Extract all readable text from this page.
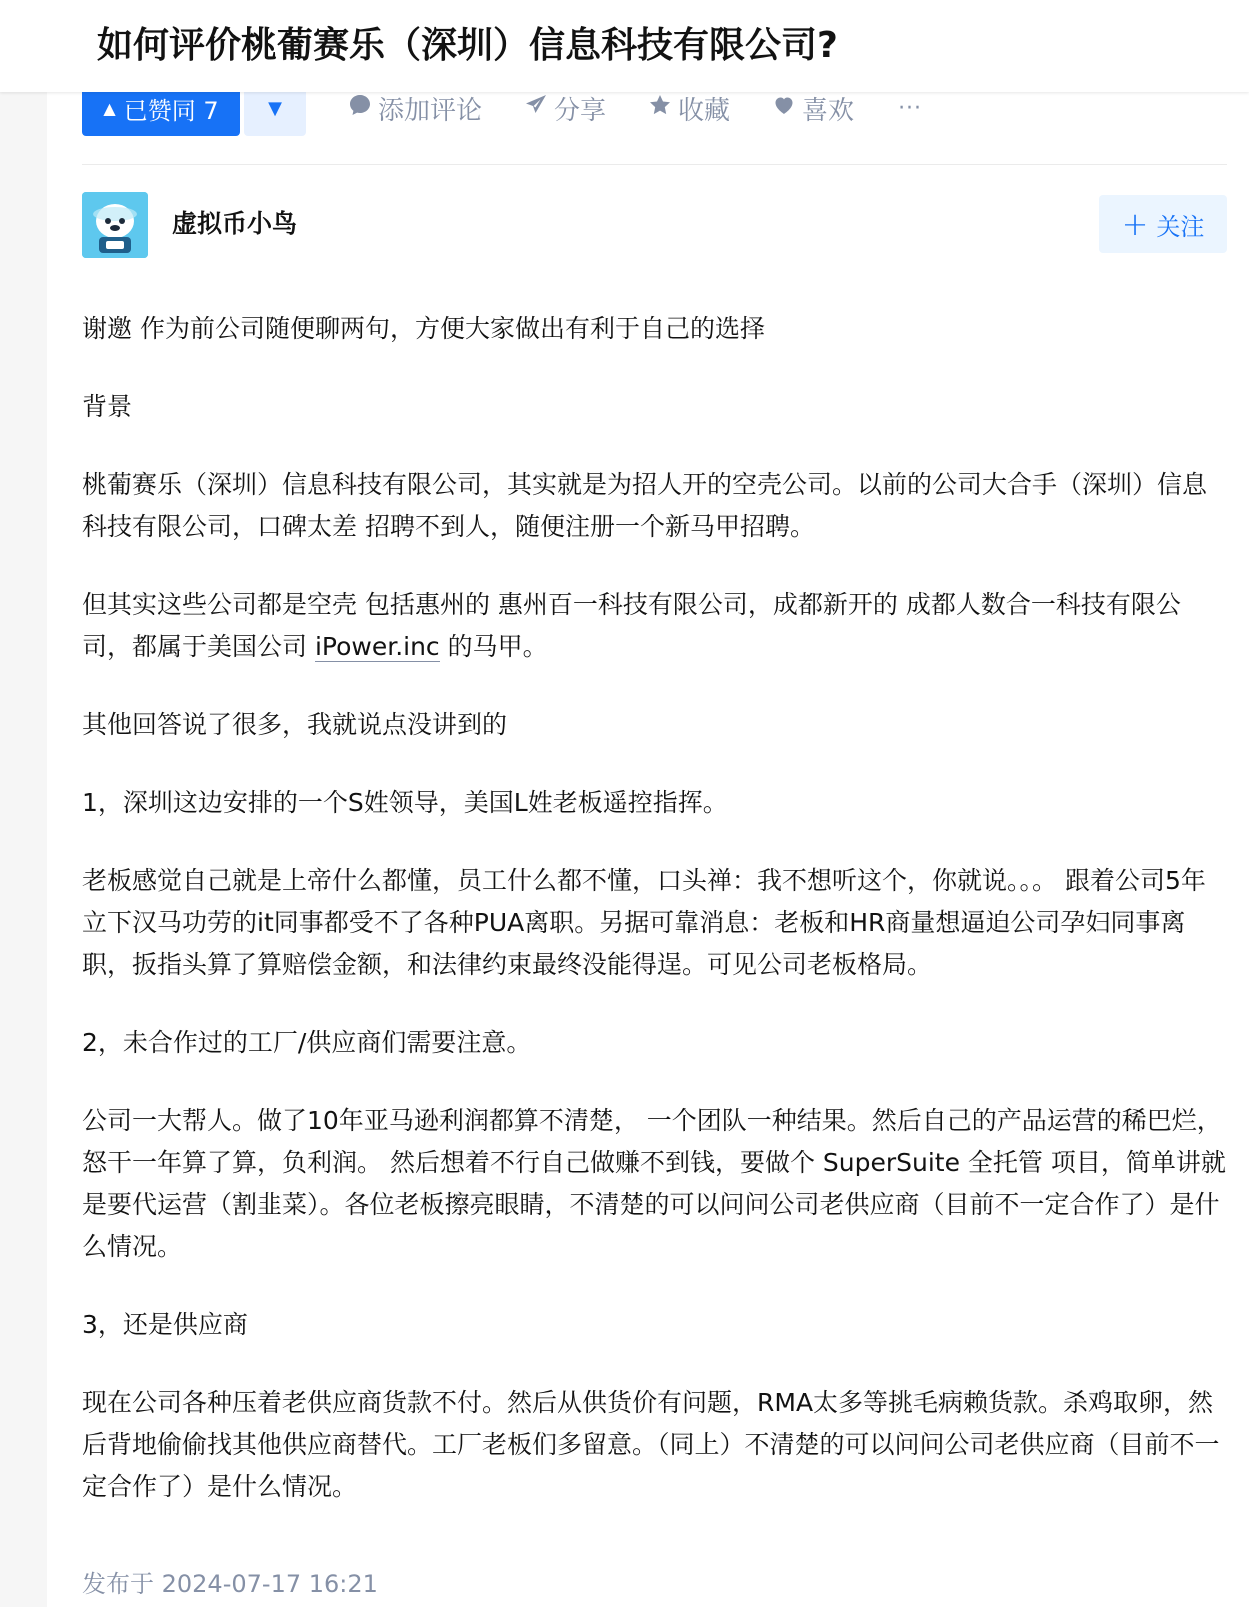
如何评价桃葡赛乐（深圳）信息科技有限公司?
▲ 已赞同 7	▼	添加评论	分享	收藏	喜欢 ···
虚拟币小鸟	+ 关注

谢邀 作为前公司随便聊两句，方便大家做出有利于自己的选择

背景

桃葡赛乐（深圳）信息科技有限公司，其实就是为招人开的空壳公司。以前的公司大合手（深圳）信息科技有限公司，口碑太差 招聘不到人，随便注册一个新马甲招聘。

但其实这些公司都是空壳 包括惠州的 惠州百一科技有限公司，成都新开的 成都人数合一科技有限公司，都属于美国公司 iPower.inc 的马甲。

其他回答说了很多，我就说点没讲到的

1，深圳这边安排的一个S姓领导，美国L姓老板遥控指挥。

老板感觉自己就是上帝什么都懂，员工什么都不懂，口头禅：我不想听这个，你就说。。。 跟着公司5年立下汉马功劳的it同事都受不了各种PUA离职。另据可靠消息：老板和HR商量想逼迫公司孕妇同事离职，扳指头算了算赔偿金额，和法律约束最终没能得逞。可见公司老板格局。

2，未合作过的工厂/供应商们需要注意。

公司一大帮人。做了10年亚马逊利润都算不清楚， 一个团队一种结果。然后自己的产品运营的稀巴烂，怒干一年算了算，负利润。 然后想着不行自己做赚不到钱，要做个 SuperSuite 全托管 项目，简单讲就是要代运营（割韭菜）。各位老板擦亮眼睛，不清楚的可以问问公司老供应商（目前不一定合作了）是什么情况。

3，还是供应商

现在公司各种压着老供应商货款不付。然后从供货价有问题，RMA太多等挑毛病赖货款。杀鸡取卵，然后背地偷偷找其他供应商替代。工厂老板们多留意。（同上）不清楚的可以问问公司老供应商（目前不一定合作了）是什么情况。

发布于 2024-07-17 16:21
